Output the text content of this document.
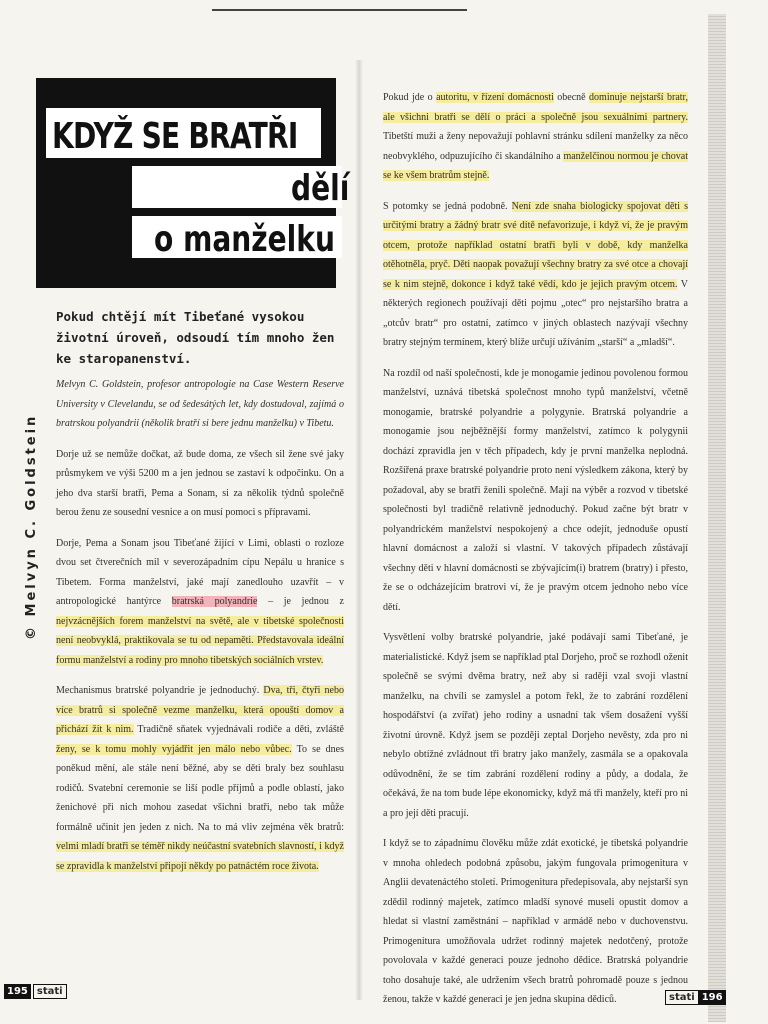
KDYŽ SE BRATŘI
dělí
o manželku
Pokud chtějí mít Tibeťané vysokou životní úroveň, odsoudí tím mnoho žen ke staropanenství.
© Melvyn C. Goldstein

Melvyn C. Goldstein, profesor antropologie na Case Western Reserve University v Clevelandu, se od šedesátých let, kdy dostudoval, zajímá o bratrskou polyandrii (několik bratří si bere jednu manželku) v Tibetu.

Dorje už se nemůže dočkat, až bude doma, ze všech sil žene své jaky průsmykem ve výši 5200 m a jen jednou se zastaví k odpočinku. On a jeho dva starší bratři, Pema a Sonam, si za několik týdnů společně berou ženu ze sousední vesnice a on musí pomoci s přípravami.

Dorje, Pema a Sonam jsou Tibeťané žijící v Limi, oblasti o rozloze dvou set čtverečních mil v severozápadním cípu Nepálu u hranice s Tibetem. Forma manželství, jaké mají zanedlouho uzavřít – v antropologické hantýrce bratrská polyandrie – je jednou z nejvzácnějších forem manželství na světě, ale v tibetské společnosti není neobvyklá, praktikovala se tu od nepaměti. Představovala ideální formu manželství a rodiny pro mnoho tibetských sociálních vrstev.

Mechanismus bratrské polyandrie je jednoduchý. Dva, tři, čtyři nebo více bratrů si společně vezme manželku, která opouští domov a přichází žít k nim. Tradičně sňatek vyjednávali rodiče a děti, zvláště ženy, se k tomu mohly vyjádřit jen málo nebo vůbec. To se dnes poněkud mění, ale stále není běžné, aby se děti braly bez souhlasu rodičů. Svatební ceremonie se liší podle příjmů a podle oblastí, jako ženichové při nich mohou zasedat všichni bratři, nebo tak může formálně učinit jen jeden z nich. Na to má vliv zejména věk bratrů: velmi mladí bratři se téměř nikdy neúčastní svatebních slavností, i když se zpravidla k manželství připojí někdy po patnáctém roce života.

Pokud jde o autoritu, v řízení domácnosti obecně dominuje nejstarší bratr, ale všichni bratři se dělí o práci a společně jsou sexuálními partnery. Tibetští muži a ženy nepovažují pohlavní stránku sdílení manželky za něco neobvyklého, odpuzujícího či skandálního a manželčinou normou je chovat se ke všem bratrům stejně.

S potomky se jedná podobně. Není zde snaha biologicky spojovat děti s určitými bratry a žádný bratr své dítě nefavorizuje, i když ví, že je pravým otcem, protože například ostatní bratři byli v době, kdy manželka otěhotněla, pryč. Děti naopak považují všechny bratry za své otce a chovají se k nim stejně, dokonce i když také vědí, kdo je jejich pravým otcem. V některých regionech používají děti pojmu „otec“ pro nejstaršího bratra a „otcův bratr“ pro ostatní, zatímco v jiných oblastech nazývají všechny bratry stejným termínem, který blíže určují užíváním „starší“ a „mladší“.

Na rozdíl od naší společnosti, kde je monogamie jedinou povolenou formou manželství, uznává tibetská společnost mnoho typů manželství, včetně monogamie, bratrské polyandrie a polygynie. Bratrská polyandrie a monogamie jsou nejběžnější formy manželství, zatímco k polygynii dochází zpravidla jen v těch případech, kdy je první manželka neplodná. Rozšířená praxe bratrské polyandrie proto není výsledkem zákona, který by požadoval, aby se bratři ženili společně. Mají na výběr a rozvod v tibetské společnosti byl tradičně relativně jednoduchý. Pokud začne být bratr v polyandrickém manželství nespokojený a chce odejít, jednoduše opustí hlavní domácnost a založí si vlastní. V takových případech zůstávají všechny děti v hlavní domácnosti se zbývajícím(i) bratrem (bratry) i přesto, že se o odcházejícím bratrovi ví, že je pravým otcem jednoho nebo více dětí.

Vysvětlení volby bratrské polyandrie, jaké podávají sami Tibeťané, je materialistické. Když jsem se například ptal Dorjeho, proč se rozhodl oženit společně se svými dvěma bratry, než aby si raději vzal svoji vlastní manželku, na chvíli se zamyslel a potom řekl, že to zabrání rozdělení hospodářství (a zvířat) jeho rodiny a usnadní tak všem dosažení vyšší životní úrovně. Když jsem se později zeptal Dorjeho nevěsty, zda pro ni nebylo obtížné zvládnout tři bratry jako manžely, zasmála se a opakovala odůvodnění, že se tím zabrání rozdělení rodiny a půdy, a dodala, že očekává, že na tom bude lépe ekonomicky, když má tři manžely, kteří pro ni a pro její děti pracují.

I když se to západnímu člověku může zdát exotické, je tibetská polyandrie v mnoha ohledech podobná způsobu, jakým fungovala primogenitura v Anglii devatenáctého století. Primogenitura předepisovala, aby nejstarší syn zdědil rodinný majetek, zatímco mladší synové museli opustit domov a hledat si vlastní zaměstnání – například v armádě nebo v duchovenstvu. Primogenitura umožňovala udržet rodinný majetek nedotčený, protože povolovala v každé generaci pouze jednoho dědice. Bratrská polyandrie toho dosahuje také, ale udržením všech bratrů pohromadě pouze s jednou ženou, takže v každé generaci je jen jedna skupina dědiců.

195 stati
stati 196
